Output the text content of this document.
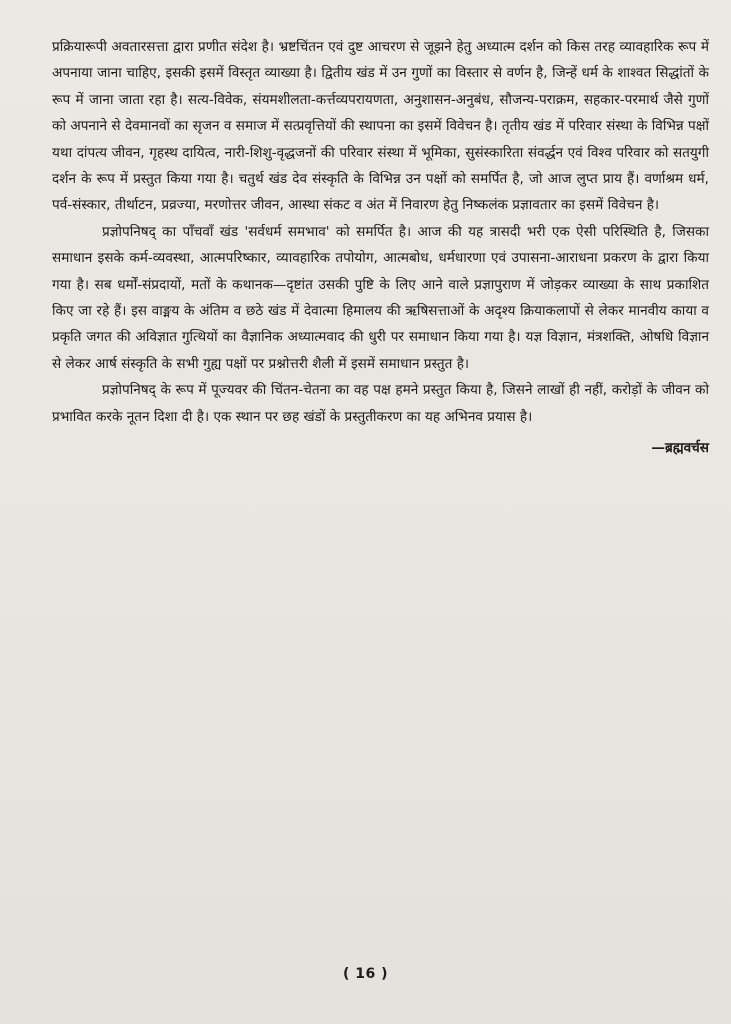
प्रक्रियारूपी अवतारसत्ता द्वारा प्रणीत संदेश है। भ्रष्टचिंतन एवं दुष्ट आचरण से जूझने हेतु अध्यात्म दर्शन को किस तरह व्यावहारिक रूप में अपनाया जाना चाहिए, इसकी इसमें विस्तृत व्याख्या है। द्वितीय खंड में उन गुणों का विस्तार से वर्णन है, जिन्हें धर्म के शाश्वत सिद्धांतों के रूप में जाना जाता रहा है। सत्य-विवेक, संयमशीलता-कर्त्तव्यपरायणता, अनुशासन-अनुबंध, सौजन्य-पराक्रम, सहकार-परमार्थ जैसे गुणों को अपनाने से देवमानवों का सृजन व समाज में सत्प्रवृत्तियों की स्थापना का इसमें विवेचन है। तृतीय खंड में परिवार संस्था के विभिन्न पक्षों यथा दांपत्य जीवन, गृहस्थ दायित्व, नारी-शिशु-वृद्धजनों की परिवार संस्था में भूमिका, सुसंस्कारिता संवर्द्धन एवं विश्व परिवार को सतयुगी दर्शन के रूप में प्रस्तुत किया गया है। चतुर्थ खंड देव संस्कृति के विभिन्न उन पक्षों को समर्पित है, जो आज लुप्त प्राय हैं। वर्णाश्रम धर्म, पर्व-संस्कार, तीर्थाटन, प्रव्रज्या, मरणोत्तर जीवन, आस्था संकट व अंत में निवारण हेतु निष्कलंक प्रज्ञावतार का इसमें विवेचन है।

प्रज्ञोपनिषद् का पाँचवाँ खंड 'सर्वधर्म समभाव' को समर्पित है। आज की यह त्रासदी भरी एक ऐसी परिस्थिति है, जिसका समाधान इसके कर्म-व्यवस्था, आत्मपरिष्कार, व्यावहारिक तपोयोग, आत्मबोध, धर्मधारणा एवं उपासना-आराधना प्रकरण के द्वारा किया गया है। सब धर्मों-संप्रदायों, मतों के कथानक—दृष्टांत उसकी पुष्टि के लिए आने वाले प्रज्ञापुराण में जोड़कर व्याख्या के साथ प्रकाशित किए जा रहे हैं। इस वाङ्मय के अंतिम व छठे खंड में देवात्मा हिमालय की ऋषिसत्ताओं के अदृश्य क्रियाकलापों से लेकर मानवीय काया व प्रकृति जगत की अविज्ञात गुत्थियों का वैज्ञानिक अध्यात्मवाद की धुरी पर समाधान किया गया है। यज्ञ विज्ञान, मंत्रशक्ति, ओषधि विज्ञान से लेकर आर्ष संस्कृति के सभी गुह्य पक्षों पर प्रश्नोत्तरी शैली में इसमें समाधान प्रस्तुत है।

प्रज्ञोपनिषद् के रूप में पूज्यवर की चिंतन-चेतना का वह पक्ष हमने प्रस्तुत किया है, जिसने लाखों ही नहीं, करोड़ों के जीवन को प्रभावित करके नूतन दिशा दी है। एक स्थान पर छह खंडों के प्रस्तुतीकरण का यह अभिनव प्रयास है।

—ब्रह्मवर्चस

( 16 )
